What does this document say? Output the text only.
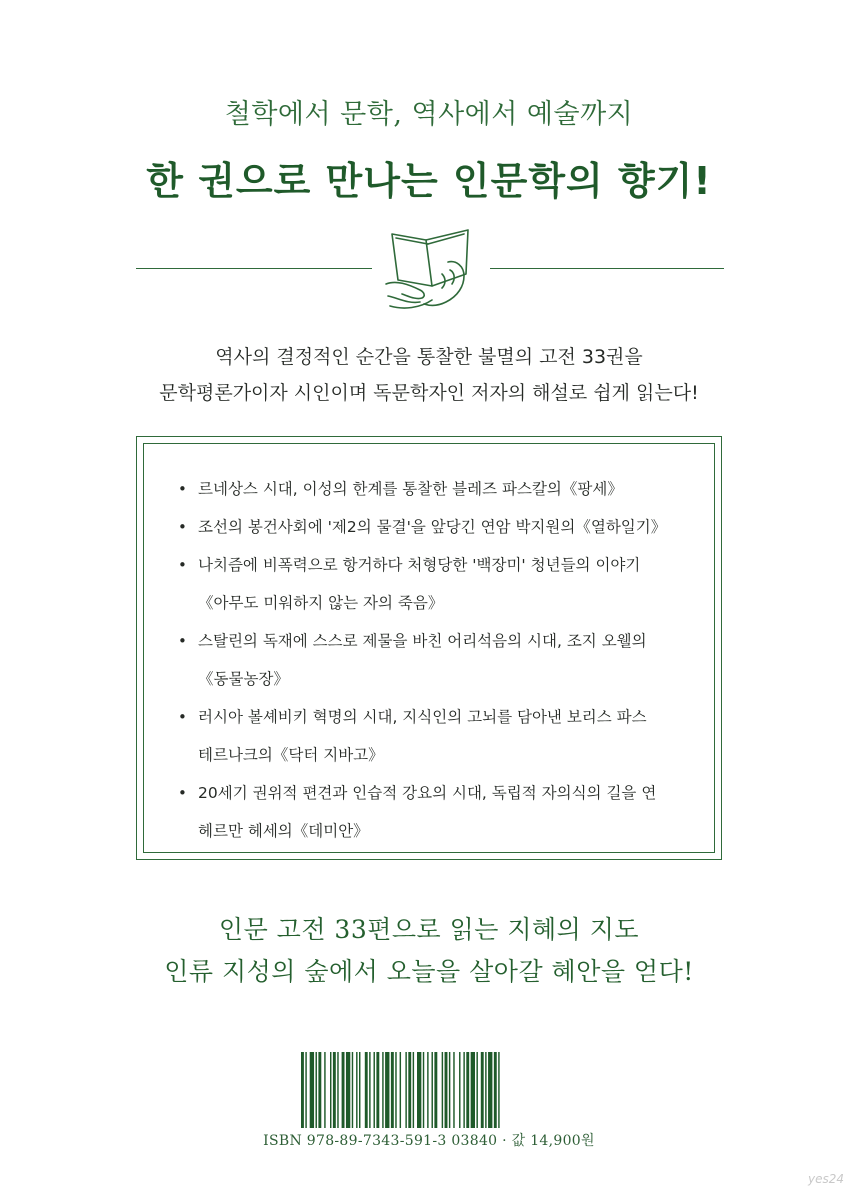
철학에서 문학, 역사에서 예술까지
한 권으로 만나는 인문학의 향기!
역사의 결정적인 순간을 통찰한 불멸의 고전 33권을
문학평론가이자 시인이며 독문학자인 저자의 해설로 쉽게 읽는다!
• 르네상스 시대, 이성의 한계를 통찰한 블레즈 파스칼의《팡세》
• 조선의 봉건사회에 '제2의 물결'을 앞당긴 연암 박지원의《열하일기》
• 나치즘에 비폭력으로 항거하다 처형당한 '백장미' 청년들의 이야기
《아무도 미워하지 않는 자의 죽음》
• 스탈린의 독재에 스스로 제물을 바친 어리석음의 시대, 조지 오웰의
《동물농장》
• 러시아 볼셰비키 혁명의 시대, 지식인의 고뇌를 담아낸 보리스 파스
테르나크의《닥터 지바고》
• 20세기 권위적 편견과 인습적 강요의 시대, 독립적 자의식의 길을 연
헤르만 헤세의《데미안》
인문 고전 33편으로 읽는 지혜의 지도
인류 지성의 숲에서 오늘을 살아갈 혜안을 얻다!
ISBN 978-89-7343-591-3 03840 · 값 14,900원
yes24
